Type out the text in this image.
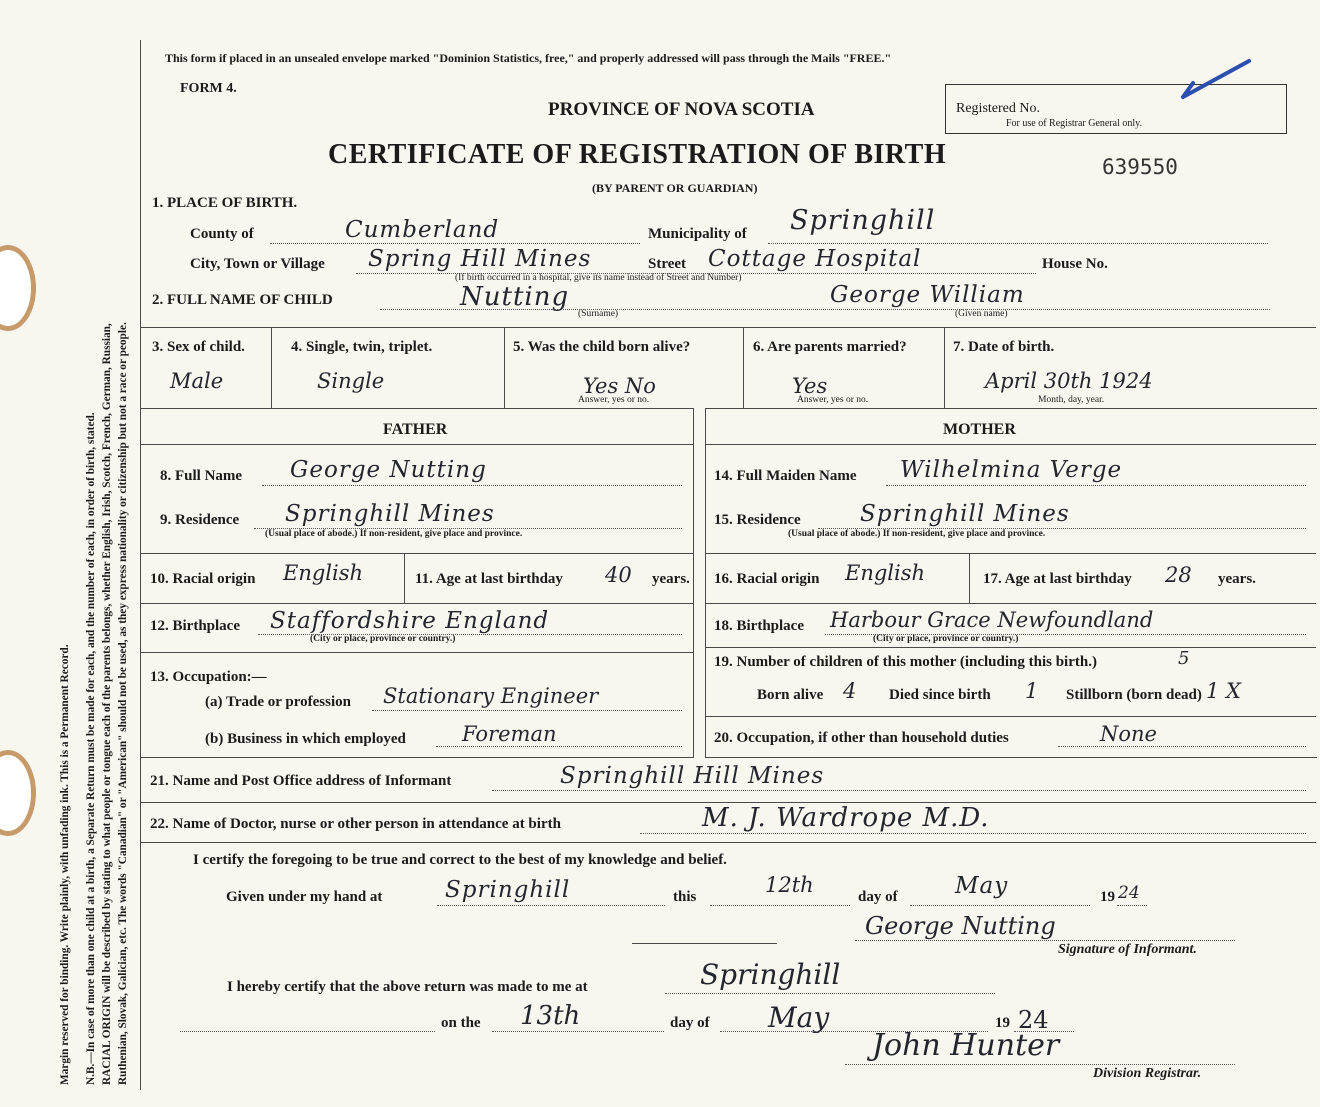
Margin reserved for binding. Write plainly, with unfading ink. This is a Permanent Record. N.B.—In case of more than one child at a birth, a Separate Return must be made for each, and the number of each, in order of birth, stated. RACIAL ORIGIN will be described by stating to what people or tongue each of the parents belongs, whether English, Irish, Scotch, French, German, Russian, Ruthenian, Slovak, Galician, etc. The words "Canadian" or "American" should not be used, as they express nationality or citizenship but not a race or people.
This form if placed in an unsealed envelope marked "Dominion Statistics, free," and properly addressed will pass through the Mails "FREE."
FORM 4.
PROVINCE OF NOVA SCOTIA	Registered No.
For use of Registrar General only.
CERTIFICATE OF REGISTRATION OF BIRTH	639550
(BY PARENT OR GUARDIAN)
1. PLACE OF BIRTH.
County of	Cumberland	Municipality of Springhill
City, Town or Village Spring Hill Mines	Street Cottage Hospital	House No.
(If birth occurred in a hospital, give its name instead of Street and Number)
2. FULL NAME OF CHILD	Nutting
(Surname)
George William
(Given name)
3. Sex of child.
Male
4. Single, twin, triplet.
Single
5. Was the child born alive?
Yes No
Answer, yes or no.
6. Are parents married?
Yes
Answer, yes or no.
7. Date of birth.
April 30th 1924
Month, day, year.
FATHER	MOTHER
8. Full Name George Nutting
9. Residence Springhill Mines
(Usual place of abode.) If non-resident, give place and province.
10. Racial origin English	11. Age at last birthday 40 years.
12. Birthplace Staffordshire England
(City or place, province or country.)
13. Occupation:—
(a) Trade or profession Stationary Engineer
(b) Business in which employed	Foreman
14. Full Maiden Name Wilhelmina Verge
15. Residence	Springhill Mines
(Usual place of abode.) If non-resident, give place and province.
16. Racial origin English	17. Age at last birthday 28 years.
18. Birthplace Harbour Grace Newfoundland
(City or place, province or country.)
19. Number of children of this mother (including this birth.)	5
Born alive 4 Died since birth 1 Stillborn (born dead) 1 X
20. Occupation, if other than household duties	None
21. Name and Post Office address of Informant	Springhill Hill Mines
22. Name of Doctor, nurse or other person in attendance at birth	M. J. Wardrope M.D.
I certify the foregoing to be true and correct to the best of my knowledge and belief.
Given under my hand at	Springhill	this	12th	day of May	19 24
George Nutting
Signature of Informant.
I hereby certify that the above return was made to me at	Springhill
on the 13th	day of May	19 24
John Hunter
Division Registrar.
